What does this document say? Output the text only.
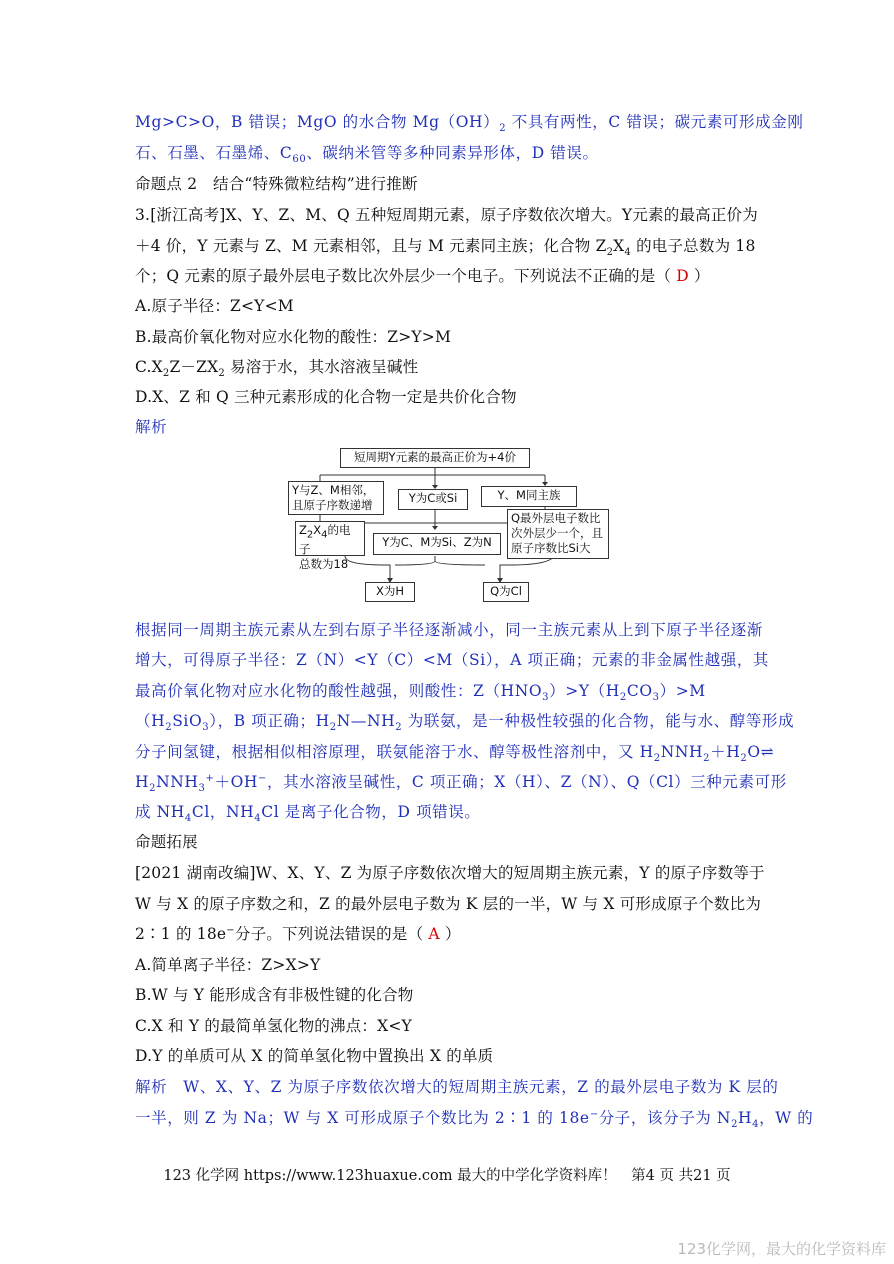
Mg>C>O，B 错误；MgO 的水合物 $Mg(OH)_2$ 不具有两性，C 错误；碳元素可形成金刚
石、石墨、石墨烯、$C_{60}$、碳纳米管等多种同素异形体，D 错误。
命题点 2　结合“特殊微粒结构”进行推断
3.[浙江高考]X、Y、Z、M、Q 五种短周期元素，原子序数依次增大。Y元素的最高正价为
＋4 价，Y 元素与 Z、M 元素相邻，且与 M 元素同主族；化合物 $Z_2X_4$ 的电子总数为 18
个；Q 元素的原子最外层电子数比次外层少一个电子。下列说法不正确的是（ D ）
A.原子半径：Z<Y<M
B.最高价氧化物对应水化物的酸性：Z>Y>M
$C.X_2Z-ZX_2$ 易溶于水，其水溶液呈碱性
D.X、Z 和 Q 三种元素形成的化合物一定是共价化合物
解析
短周期Y元素的最高正价为+4价
Y与Z、M相邻，
且原子序数递增	Y为C或Si	Y、M同主族
$Z_2X_4$的电子
总数为18
Y为C、M为Si、Z为N
Q最外层电子数比
次外层少一个，且
原子序数比Si大
X为H	Q为Cl
根据同一周期主族元素从左到右原子半径逐渐减小，同一主族元素从上到下原子半径逐渐
增大，可得原子半径：Z（N）<Y（C）<M（Si），A 项正确；元素的非金属性越强，其
最高价氧化物对应水化物的酸性越强，则酸性：$Z(HNO_3)>Y(H_2CO_3)>M$
$(H_2SiO_3)$，B 项正确；$H_2N—NH_2$ 为联氨，是一种极性较强的化合物，能与水、醇等形成
分子间氢键，根据相似相溶原理，联氨能溶于水、醇等极性溶剂中，又 $H_2NNH_2+H_2O\rightleftharpoons$
$H_2NNH_3^++OH^-$，其水溶液呈碱性，C 项正确；X（H）、Z（N）、Q（Cl）三种元素可形
成 $NH_4Cl$，$NH_4Cl$ 是离子化合物，D 项错误。
命题拓展
[2021 湖南改编]W、X、Y、Z 为原子序数依次增大的短周期主族元素，Y 的原子序数等于
W 与 X 的原子序数之和，Z 的最外层电子数为 K 层的一半，W 与 X 可形成原子个数比为
2∶1 的 18e−分子。下列说法错误的是（ A ）
A.简单离子半径：Z>X>Y
B.W 与 Y 能形成含有非极性键的化合物
C.X 和 Y 的最简单氢化物的沸点：X<Y
D.Y 的单质可从 X 的简单氢化物中置换出 X 的单质
解析　W、X、Y、Z 为原子序数依次增大的短周期主族元素，Z 的最外层电子数为 K 层的
一半，则 Z 为 Na；W 与 X 可形成原子个数比为 2∶1 的 18e−分子，该分子为 $N_2H_4$，W 的
123 化学网 https://www.123huaxue.com 最大的中学化学资料库！　第4 页 共21 页
123化学网，最大的化学资料库
